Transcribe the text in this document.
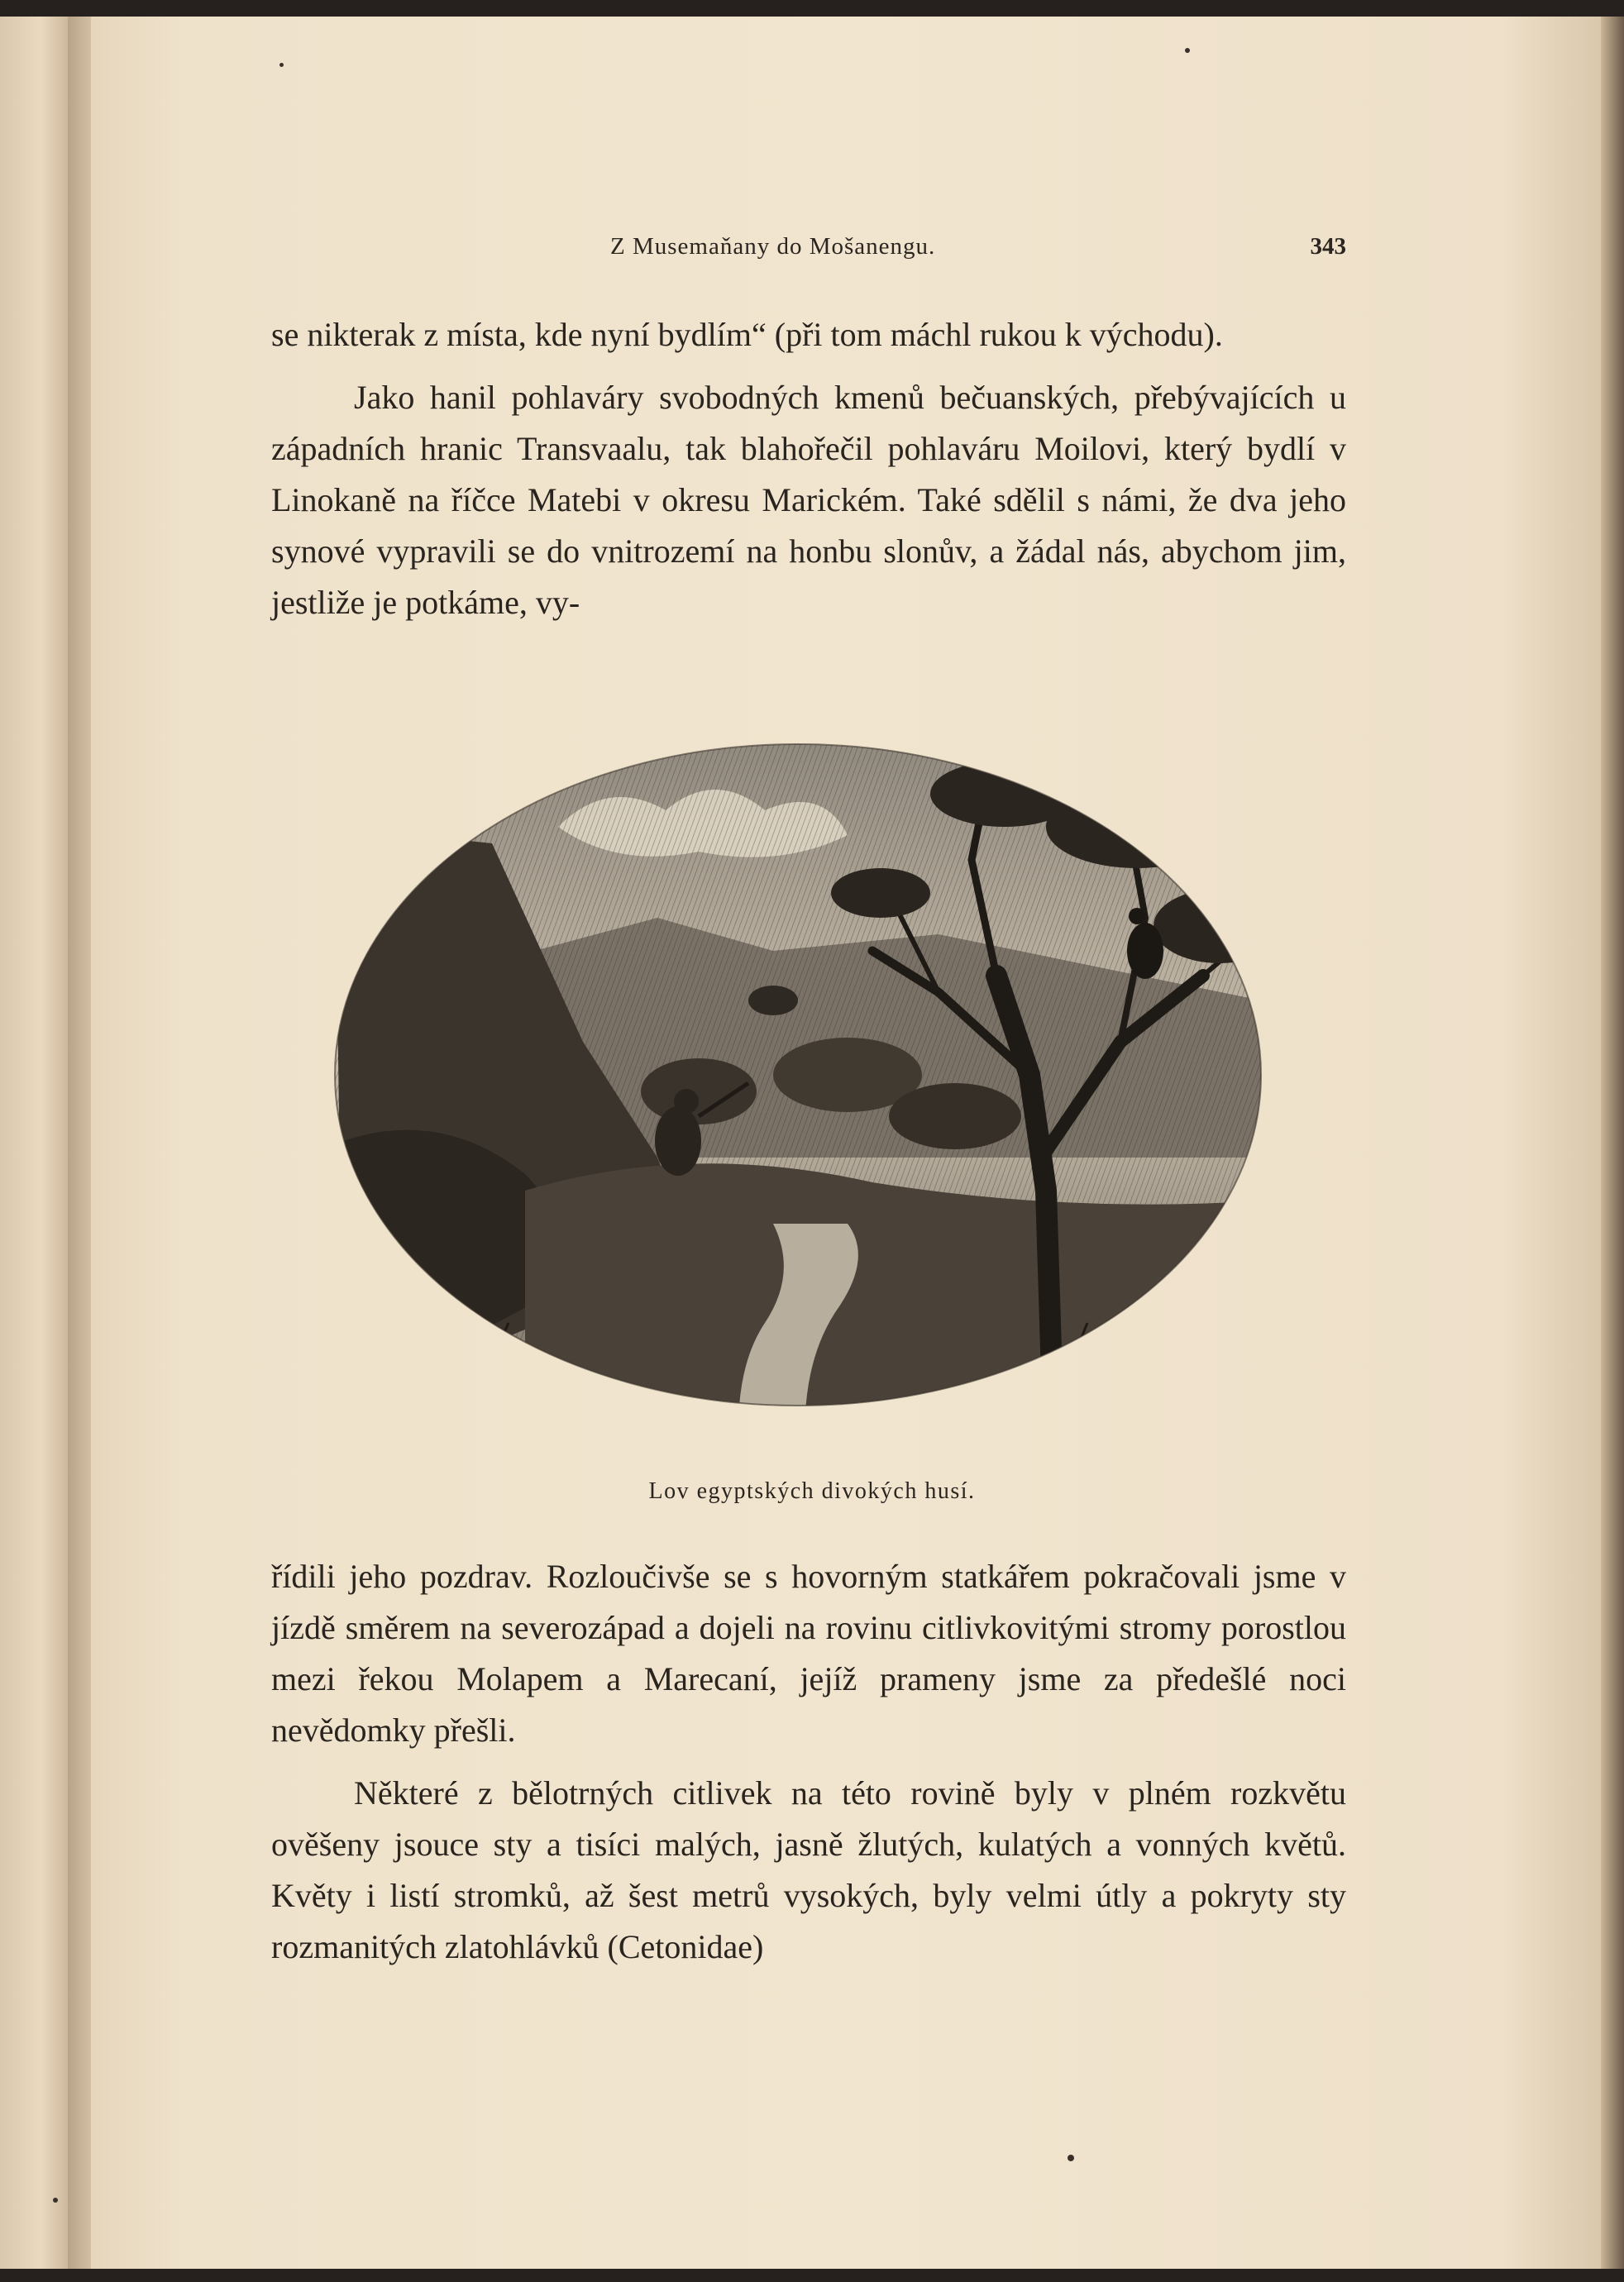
Z Musemaňany do Mošanengu.	343

se nikterak z místa, kde nyní bydlím“ (při tom máchl rukou k východu).

Jako hanil pohlaváry svobodných kmenů bečuanských, přebývajících u západních hranic Transvaalu, tak blahořečil pohlaváru Moilovi, který bydlí v Linokaně na říčce Matebi v okresu Marickém. Také sdělil s námi, že dva jeho synové vypravili se do vnitrozemí na honbu slonův, a žádal nás, abychom jim, jestliže je potkáme, vy-

Lov egyptských divokých husí.

řídili jeho pozdrav. Rozloučivše se s hovorným statkářem pokračovali jsme v jízdě směrem na severozápad a dojeli na rovinu citlivkovitými stromy porostlou mezi řekou Molapem a Marecaní, jejíž prameny jsme za předešlé noci nevědomky přešli.

Některé z bělotrných citlivek na této rovině byly v plném rozkvětu ověšeny jsouce sty a tisíci malých, jasně žlutých, kulatých a vonných květů. Květy i listí stromků, až šest metrů vysokých, byly velmi útly a pokryty sty rozmanitých zlatohlávků (Cetonidae)
